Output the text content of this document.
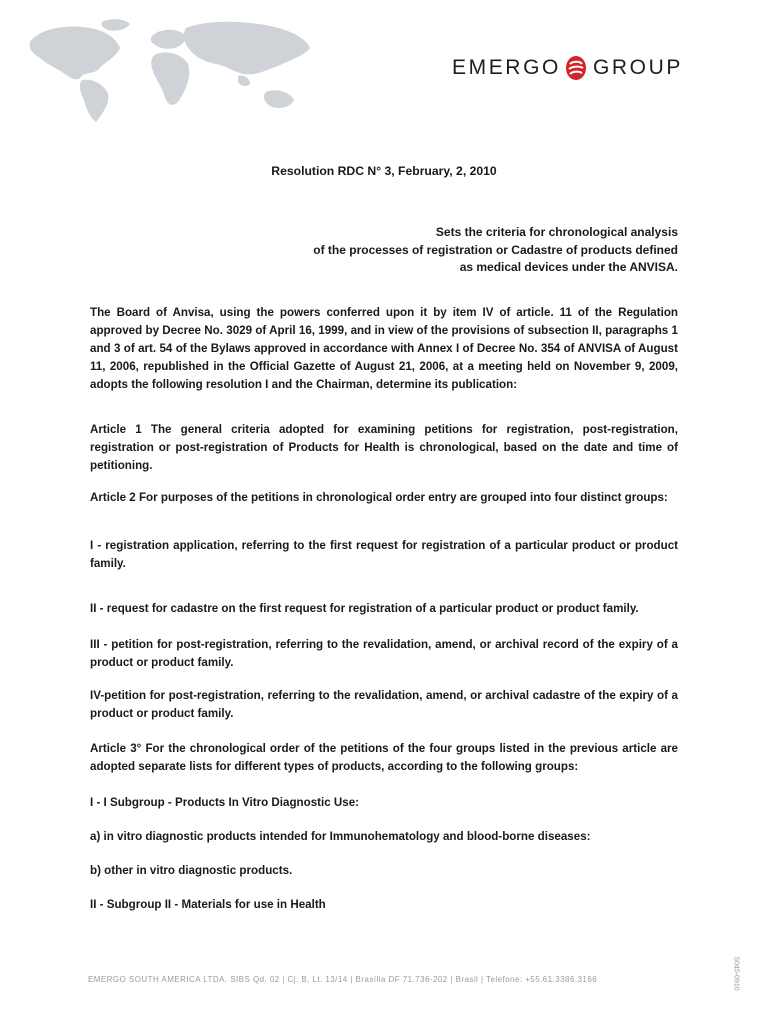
EMERGO GROUP
Resolution RDC N° 3, February, 2, 2010
Sets the criteria for chronological analysis
of the processes of registration or Cadastre of products defined
as medical devices under the ANVISA.

The Board of Anvisa, using the powers conferred upon it by item IV of article. 11 of the Regulation approved by Decree No. 3029 of April 16, 1999, and in view of the provisions of subsection II, paragraphs 1 and 3 of art. 54 of the Bylaws approved in accordance with Annex I of Decree No. 354 of ANVISA of August 11, 2006, republished in the Official Gazette of August 21, 2006, at a meeting held on November 9, 2009, adopts the following resolution I and the Chairman, determine its publication:

Article 1 The general criteria adopted for examining petitions for registration, post-registration, registration or post-registration of Products for Health is chronological, based on the date and time of petitioning.

Article 2 For purposes of the petitions in chronological order entry are grouped into four distinct groups:

I - registration application, referring to the first request for registration of a particular product or product family.

II - request for cadastre on the first request for registration of a particular product or product family.

III - petition for post-registration, referring to the revalidation, amend, or archival record of the expiry of a product or product family.

IV-petition for post-registration, referring to the revalidation, amend, or archival cadastre of the expiry of a product or product family.

Article 3° For the chronological order of the petitions of the four groups listed in the previous article are adopted separate lists for different types of products, according to the following groups:

I - I Subgroup - Products In Vitro Diagnostic Use:

a) in vitro diagnostic products intended for Immunohematology and blood-borne diseases:

b) other in vitro diagnostic products.

II - Subgroup II - Materials for use in Health

EMERGO SOUTH AMERICA LTDA. SIBS Qd. 02 | Cj. B, Lt. 13/14 | Brasília DF 71.736-202 | Brasil | Telefone: +55.61.3386.3166	S045-0910
